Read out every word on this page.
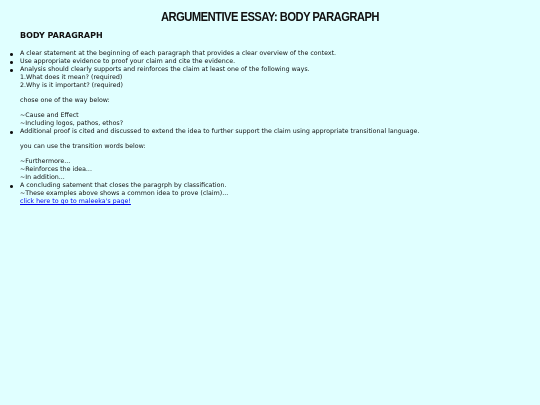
ARGUMENTIVE ESSAY: BODY PARAGRAPH
BODY PARAGRAPH
A clear statement at the beginning of each paragraph that provides a clear overview of the context.
Use appropriate evidence to proof your claim and cite the evidence.
Analysis should clearly supports and reinforces the claim at least one of the following ways.
1.What does it mean? (required)
2.Why is it important? (required)
chose one of the way below:
~Cause and Effect
~Including logos, pathos, ethos?
Additional proof is cited and discussed to extend the idea to further support the claim using appropriate transitional language.
you can use the transition words below:
~Furthermore...
~Reinforces the idea...
~In addition...
A concluding satement that closes the paragrph by classification.
~These examples above shows a common idea to prove (claim)...
click here to go to maleeka's page!
